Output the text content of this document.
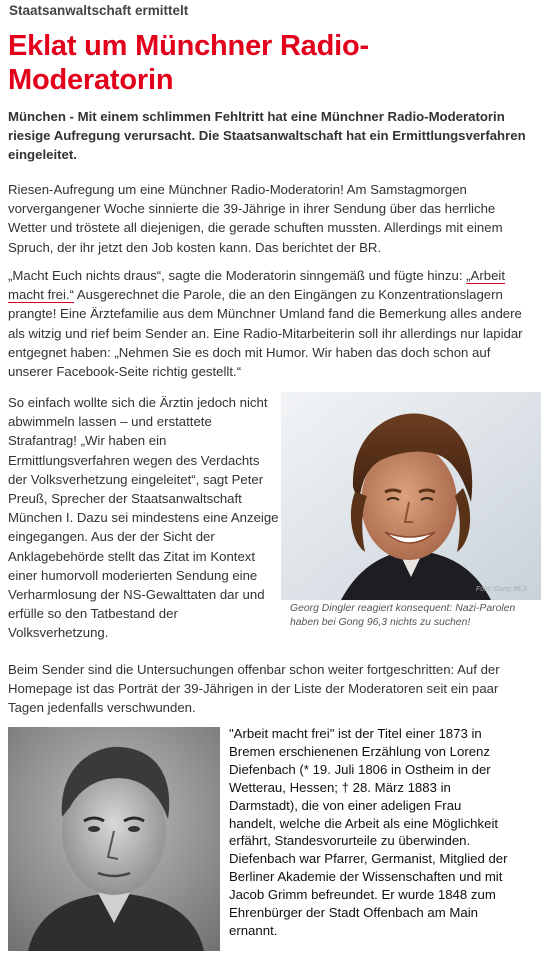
Staatsanwaltschaft ermittelt
Eklat um Münchner Radio-Moderatorin

München - Mit einem schlimmen Fehltritt hat eine Münchner Radio-Moderatorin riesige Aufregung verursacht. Die Staatsanwaltschaft hat ein Ermittlungsverfahren eingeleitet.

Riesen-Aufregung um eine Münchner Radio-Moderatorin! Am Samstagmorgen vorvergangener Woche sinnierte die 39-Jährige in ihrer Sendung über das herrliche Wetter und tröstete all diejenigen, die gerade schuften mussten. Allerdings mit einem Spruch, der ihr jetzt den Job kosten kann. Das berichtet der BR.

„Macht Euch nichts draus“, sagte die Moderatorin sinngemäß und fügte hinzu: „Arbeit macht frei.“ Ausgerechnet die Parole, die an den Eingängen zu Konzentrationslagern prangte! Eine Ärztefamilie aus dem Münchner Umland fand die Bemerkung alles andere als witzig und rief beim Sender an. Eine Radio-Mitarbeiterin soll ihr allerdings nur lapidar entgegnet haben: „Nehmen Sie es doch mit Humor. Wir haben das doch schon auf unserer Facebook-Seite richtig gestellt.“

So einfach wollte sich die Ärztin jedoch nicht abwimmeln lassen – und erstattete Strafantrag! „Wir haben ein Ermittlungsverfahren wegen des Verdachts der Volksverhetzung eingeleitet“, sagt Peter Preuß, Sprecher der Staatsanwaltschaft München I. Dazu sei mindestens eine Anzeige eingegangen. Aus der der Sicht der Anklagebehörde stellt das Zitat im Kontext einer humorvoll moderierten Sendung eine Verharmlosung der NS-Gewalttaten dar und erfülle so den Tatbestand der Volksverhetzung.

Foto: Gong 96,3

Georg Dingler reagiert konsequent: Nazi-Parolen haben bei Gong 96,3 nichts zu suchen!

Beim Sender sind die Untersuchungen offenbar schon weiter fortgeschritten: Auf der Homepage ist das Porträt der 39-Jährigen in der Liste der Moderatoren seit ein paar Tagen jedenfalls verschwunden.

"Arbeit macht frei" ist der Titel einer 1873 in Bremen erschienenen Erzählung von Lorenz Diefenbach (* 19. Juli 1806 in Ostheim in der Wetterau, Hessen; † 28. März 1883 in Darmstadt), die von einer adeligen Frau handelt, welche die Arbeit als eine Möglichkeit erfährt, Standesvorurteile zu überwinden. Diefenbach war Pfarrer, Germanist, Mitglied der Berliner Akademie der Wissenschaften und mit Jacob Grimm befreundet. Er wurde 1848 zum Ehrenbürger der Stadt Offenbach am Main ernannt.
